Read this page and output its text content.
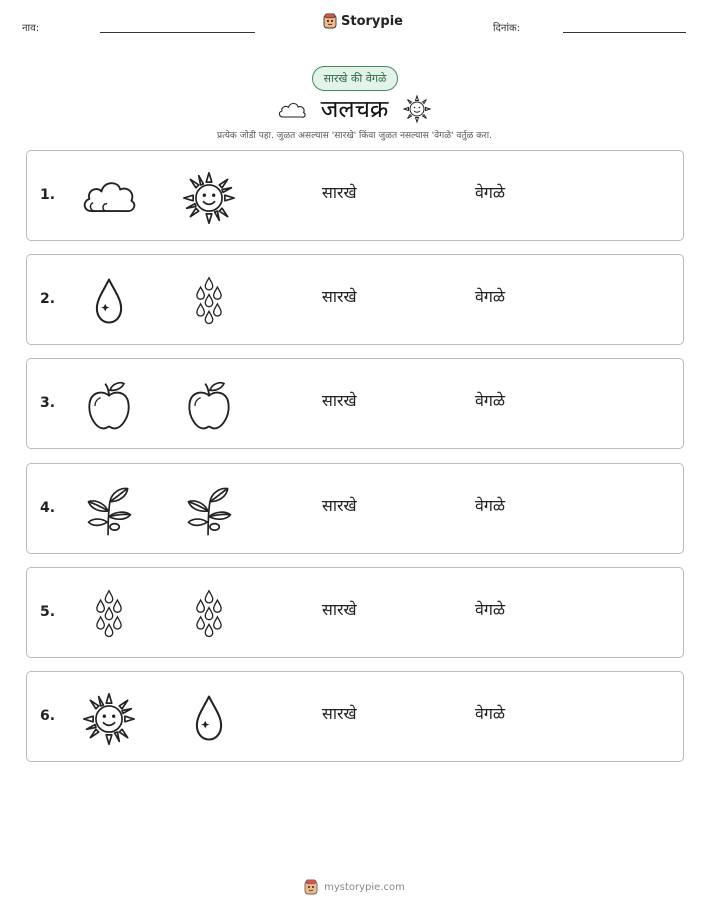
नाव:	Storypie	दिनांक:
सारखे की वेगळे
जलचक्र
प्रत्येक जोडी पहा. जुळत असल्यास 'सारखे' किंवा जुळत नसल्यास 'वेगळे' वर्तुळ करा.
1.	सारखे	वेगळे
2.	सारखे	वेगळे
3.	सारखे	वेगळे
4.	सारखे	वेगळे
5.	सारखे	वेगळे
6.	सारखे	वेगळे
mystorypie.com
